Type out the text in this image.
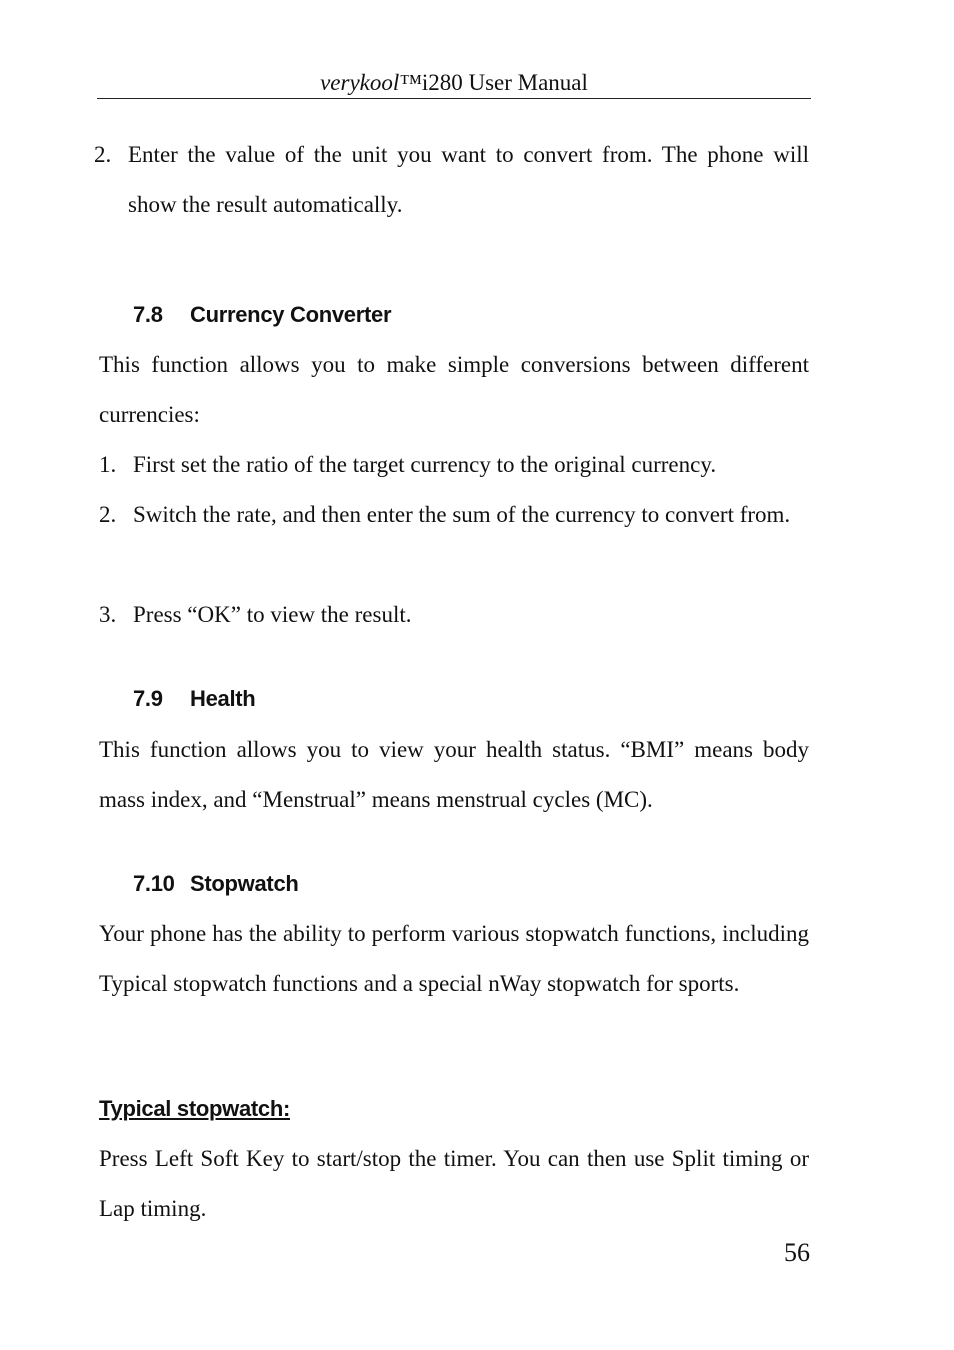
verykool™i280 User Manual
2. Enter the value of the unit you want to convert from. The phone will show the result automatically.
7.8 Currency Converter
This function allows you to make simple conversions between different currencies:
1. First set the ratio of the target currency to the original currency.
2. Switch the rate, and then enter the sum of the currency to convert from.
3. Press “OK” to view the result.
7.9 Health
This function allows you to view your health status. “BMI” means body mass index, and “Menstrual” means menstrual cycles (MC).
7.10 Stopwatch
Your phone has the ability to perform various stopwatch functions, including Typical stopwatch functions and a special nWay stopwatch for sports.
Typical stopwatch:
Press Left Soft Key to start/stop the timer. You can then use Split timing or Lap timing.
56
